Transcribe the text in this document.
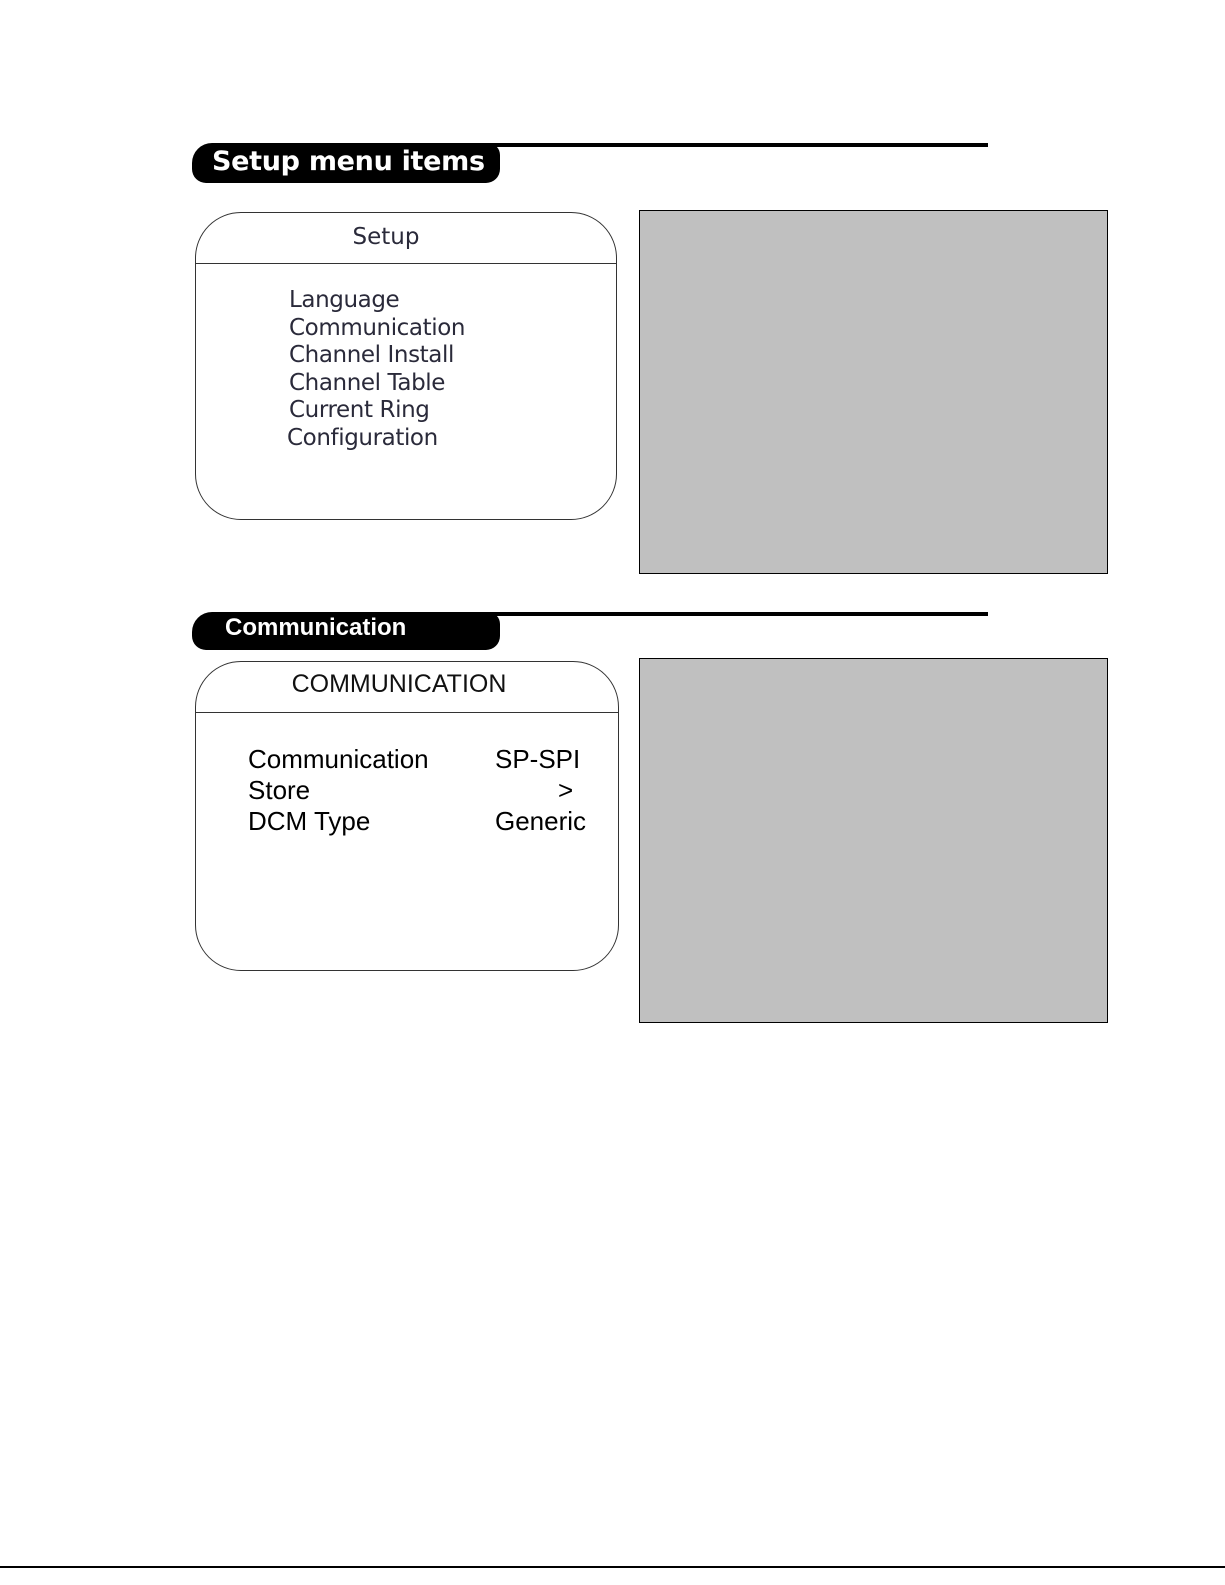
Setup menu items
Setup
Language
Communication
Channel Install
Channel Table
Current Ring
Configuration
Communication
COMMUNICATION
Communication	SP-SPI
Store	>
DCM Type	Generic
